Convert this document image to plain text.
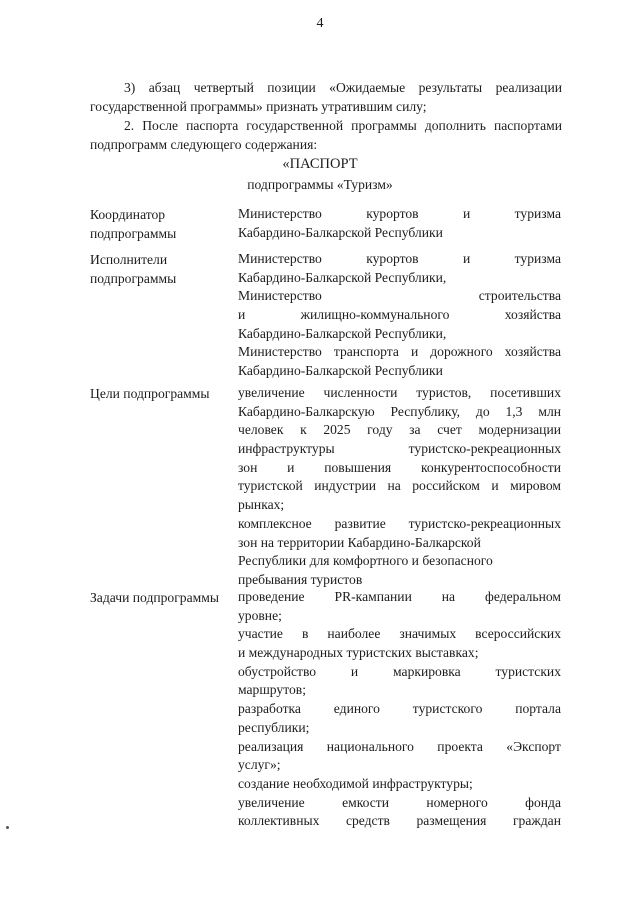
4
3) абзац четвертый позиции «Ожидаемые результаты реализации государственной программы» признать утратившим силу;
2. После паспорта государственной программы дополнить паспортами подпрограмм следующего содержания:
«ПАСПОРТ
подпрограммы «Туризм»
Координатор подпрограммы
Министерство курортов и туризма
Кабардино-Балкарской Республики
Исполнители подпрограммы
Министерство курортов и туризма
Кабардино-Балкарской Республики,
Министерство строительства
и жилищно-коммунального хозяйства
Кабардино-Балкарской Республики,
Министерство транспорта и дорожного хозяйства
Кабардино-Балкарской Республики
Цели подпрограммы	увеличение численности туристов, посетивших
Кабардино-Балкарскую Республику, до 1,3 млн
человек к 2025 году за счет модернизации
инфраструктуры туристско-рекреационных
зон и повышения конкурентоспособности
туристской индустрии на российском и мировом
рынках;
комплексное развитие туристско-рекреационных
зон на территории Кабардино-Балкарской
Республики для комфортного и безопасного
пребывания туристов
Задачи подпрограммы	проведение PR-кампании на федеральном
уровне;
участие в наиболее значимых всероссийских
и международных туристских выставках;
обустройство и маркировка туристских
маршрутов;
разработка единого туристского портала
республики;
реализация национального проекта «Экспорт
услуг»;
создание необходимой инфраструктуры;
увеличение емкости номерного фонда
коллективных средств размещения граждан
